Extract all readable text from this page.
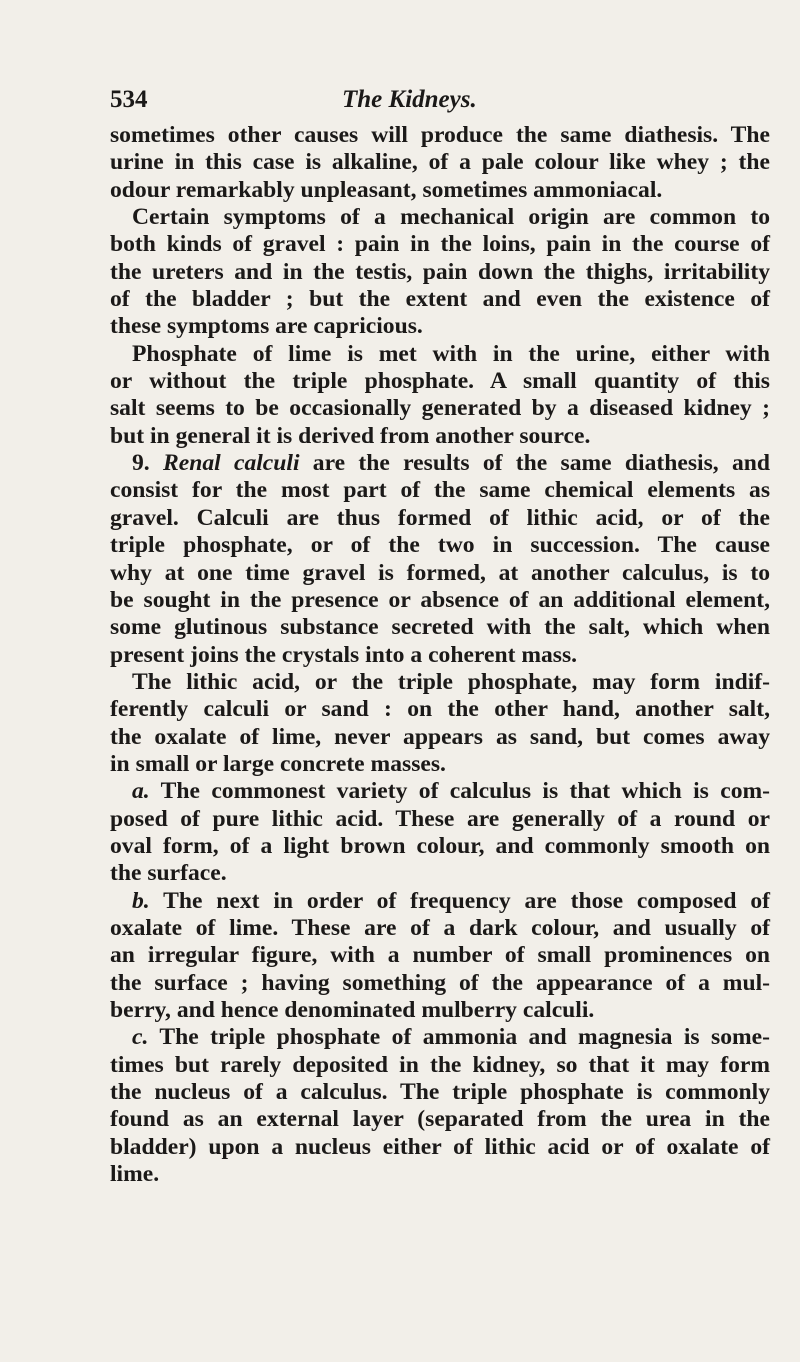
534	The Kidneys.
sometimes other causes will produce the same diathesis. The
urine in this case is alkaline, of a pale colour like whey ; the
odour remarkably unpleasant, sometimes ammoniacal.
Certain symptoms of a mechanical origin are common to
both kinds of gravel : pain in the loins, pain in the course of
the ureters and in the testis, pain down the thighs, irritability
of the bladder ; but the extent and even the existence of
these symptoms are capricious.
Phosphate of lime is met with in the urine, either with
or without the triple phosphate. A small quantity of this
salt seems to be occasionally generated by a diseased kidney ;
but in general it is derived from another source.
9. Renal calculi are the results of the same diathesis, and
consist for the most part of the same chemical elements as
gravel. Calculi are thus formed of lithic acid, or of the
triple phosphate, or of the two in succession. The cause
why at one time gravel is formed, at another calculus, is to
be sought in the presence or absence of an additional element,
some glutinous substance secreted with the salt, which when
present joins the crystals into a coherent mass.
The lithic acid, or the triple phosphate, may form indif-
ferently calculi or sand : on the other hand, another salt,
the oxalate of lime, never appears as sand, but comes away
in small or large concrete masses.
a. The commonest variety of calculus is that which is com-
posed of pure lithic acid. These are generally of a round or
oval form, of a light brown colour, and commonly smooth on
the surface.
b. The next in order of frequency are those composed of
oxalate of lime. These are of a dark colour, and usually of
an irregular figure, with a number of small prominences on
the surface ; having something of the appearance of a mul-
berry, and hence denominated mulberry calculi.
c. The triple phosphate of ammonia and magnesia is some-
times but rarely deposited in the kidney, so that it may form
the nucleus of a calculus. The triple phosphate is commonly
found as an external layer (separated from the urea in the
bladder) upon a nucleus either of lithic acid or of oxalate of
lime.
